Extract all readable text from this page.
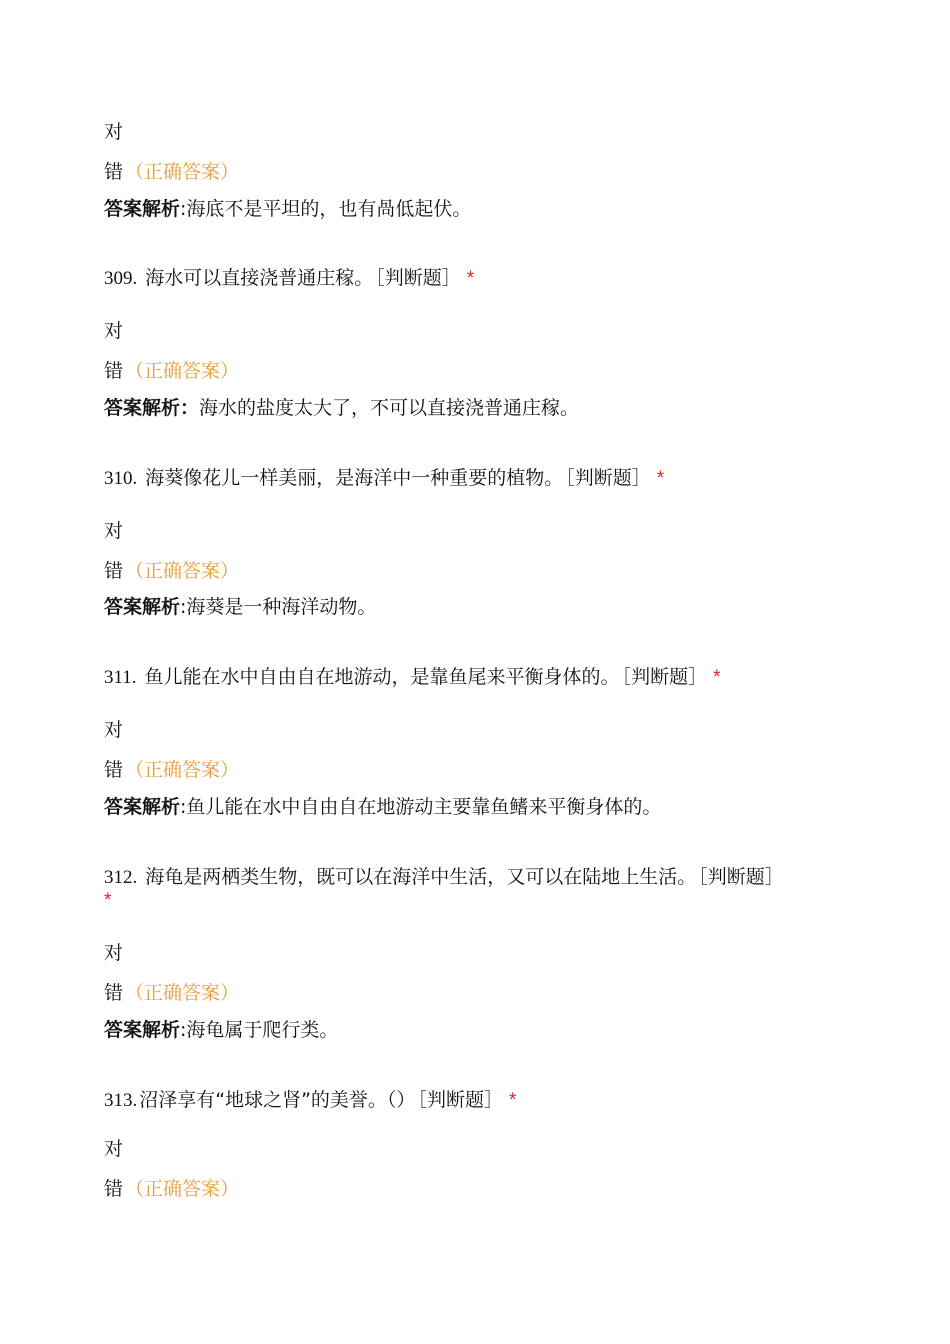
对
错 （正确答案）
答案解析:海底不是平坦的，也有咼低起伏。
309. 海水可以直接浇普通庄稼。 ［判断题］ *
对
错 （正确答案）
答案解析：海水的盐度太大了，不可以直接浇普通庄稼。
310. 海葵像花儿一样美丽，是海洋中一种重要的植物。 ［判断题］ *
对
错 （正确答案）
答案解析:海葵是一种海洋动物。
311. 鱼儿能在水中自由自在地游动，是靠鱼尾来平衡身体的。 ［判断题］ *
对
错 （正确答案）
答案解析:鱼儿能在水中自由自在地游动主要靠鱼鳍来平衡身体的。
312. 海龟是两栖类生物，既可以在海洋中生活，又可以在陆地上生活。 ［判断题］
*
对
错 （正确答案）
答案解析:海龟属于爬行类。
313. 沼泽享有“地球之肾”的美誉。（） ［判断题］ *
对
错 （正确答案）
